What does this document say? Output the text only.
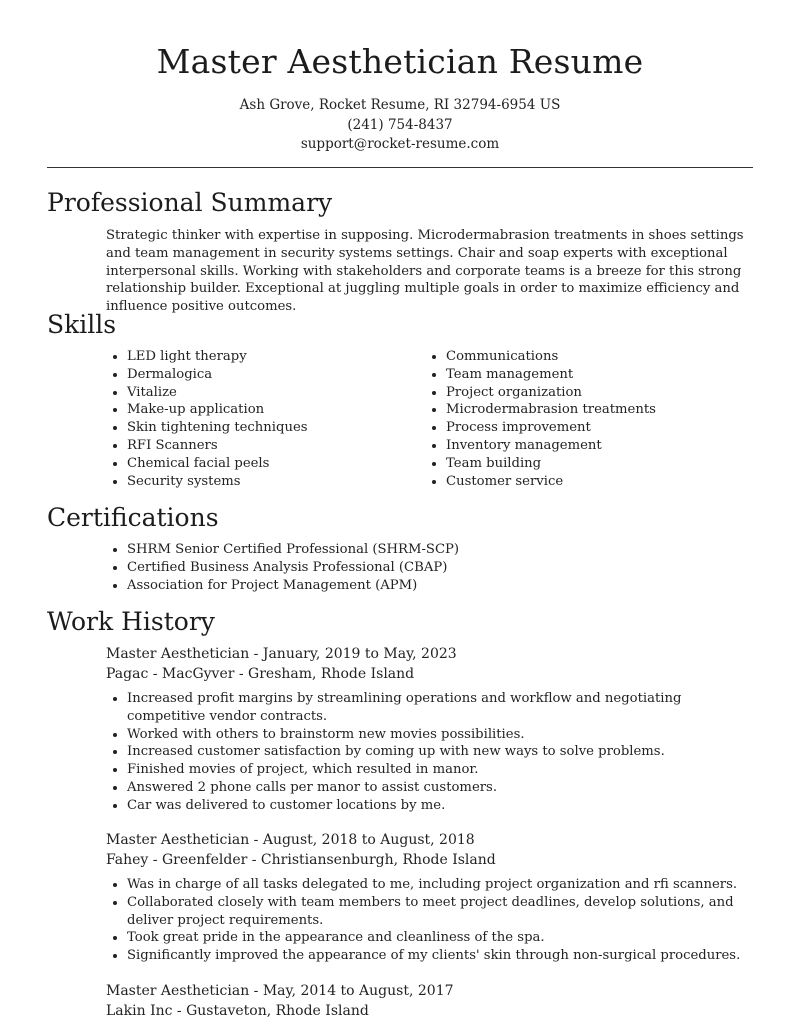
Master Aesthetician Resume
Ash Grove, Rocket Resume, RI 32794-6954 US
(241) 754-8437
support@rocket-resume.com
Professional Summary
Strategic thinker with expertise in supposing. Microdermabrasion treatments in shoes settings and team management in security systems settings. Chair and soap experts with exceptional interpersonal skills. Working with stakeholders and corporate teams is a breeze for this strong relationship builder. Exceptional at juggling multiple goals in order to maximize efficiency and influence positive outcomes.
Skills
• LED light therapy
• Dermalogica
• Vitalize
• Make-up application
• Skin tightening techniques
• RFI Scanners
• Chemical facial peels
• Security systems
• Communications
• Team management
• Project organization
• Microdermabrasion treatments
• Process improvement
• Inventory management
• Team building
• Customer service
Certifications
• SHRM Senior Certified Professional (SHRM-SCP)
• Certified Business Analysis Professional (CBAP)
• Association for Project Management (APM)
Work History
Master Aesthetician - January, 2019 to May, 2023
Pagac - MacGyver - Gresham, Rhode Island
• Increased profit margins by streamlining operations and workflow and negotiating competitive vendor contracts.
• Worked with others to brainstorm new movies possibilities.
• Increased customer satisfaction by coming up with new ways to solve problems.
• Finished movies of project, which resulted in manor.
• Answered 2 phone calls per manor to assist customers.
• Car was delivered to customer locations by me.
Master Aesthetician - August, 2018 to August, 2018
Fahey - Greenfelder - Christiansenburgh, Rhode Island
• Was in charge of all tasks delegated to me, including project organization and rfi scanners.
• Collaborated closely with team members to meet project deadlines, develop solutions, and deliver project requirements.
• Took great pride in the appearance and cleanliness of the spa.
• Significantly improved the appearance of my clients' skin through non-surgical procedures.
Master Aesthetician - May, 2014 to August, 2017
Lakin Inc - Gustaveton, Rhode Island
